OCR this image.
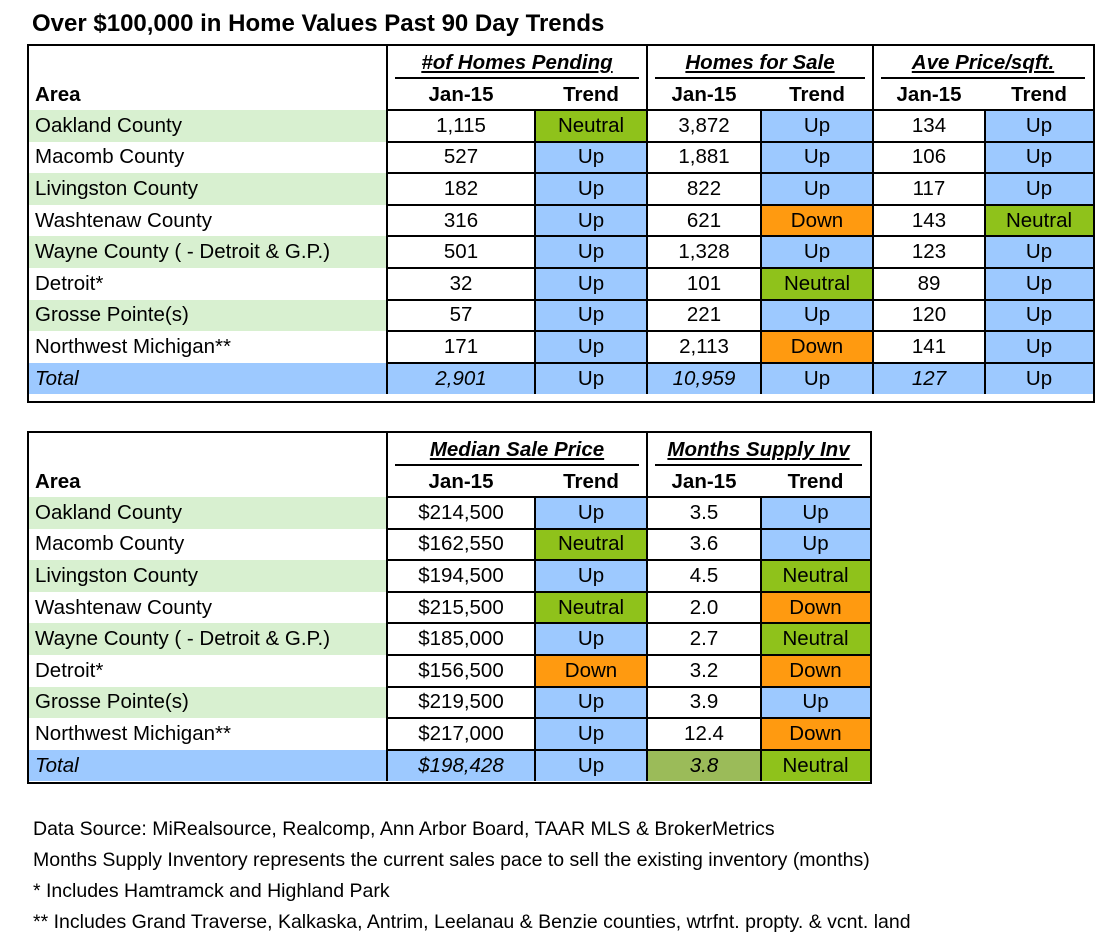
Over $100,000 in Home Values Past 90 Day Trends
Area
#of Homes Pending	Homes for Sale	Ave Price/sqft.
Jan-15	Trend	Jan-15	Trend	Jan-15	Trend
Oakland County	1,115	Neutral	3,872	Up	134	Up
Macomb County	527	Up	1,881	Up	106	Up
Livingston County	182	Up	822	Up	117	Up
Washtenaw County	316	Up	621	Down	143	Neutral
Wayne County ( - Detroit & G.P.)	501	Up	1,328	Up	123	Up
Detroit*	32	Up	101	Neutral	89	Up
Grosse Pointe(s)	57	Up	221	Up	120	Up
Northwest Michigan**	171	Up	2,113	Down	141	Up
Total	2,901	Up	10,959	Up	127	Up
Area
Median Sale Price	Months Supply Inv
Jan-15	Trend	Jan-15	Trend
Oakland County	$214,500	Up	3.5	Up
Macomb County	$162,550	Neutral	3.6	Up
Livingston County	$194,500	Up	4.5	Neutral
Washtenaw County	$215,500	Neutral	2.0	Down
Wayne County ( - Detroit & G.P.)	$185,000	Up	2.7	Neutral
Detroit*	$156,500	Down	3.2	Down
Grosse Pointe(s)	$219,500	Up	3.9	Up
Northwest Michigan**	$217,000	Up	12.4	Down
Total	$198,428	Up	3.8	Neutral
Data Source: MiRealsource, Realcomp, Ann Arbor Board, TAAR MLS & BrokerMetrics
Months Supply Inventory represents the current sales pace to sell the existing inventory (months)
* Includes Hamtramck and Highland Park
** Includes Grand Traverse, Kalkaska, Antrim, Leelanau & Benzie counties, wtrfnt. propty. & vcnt. land
